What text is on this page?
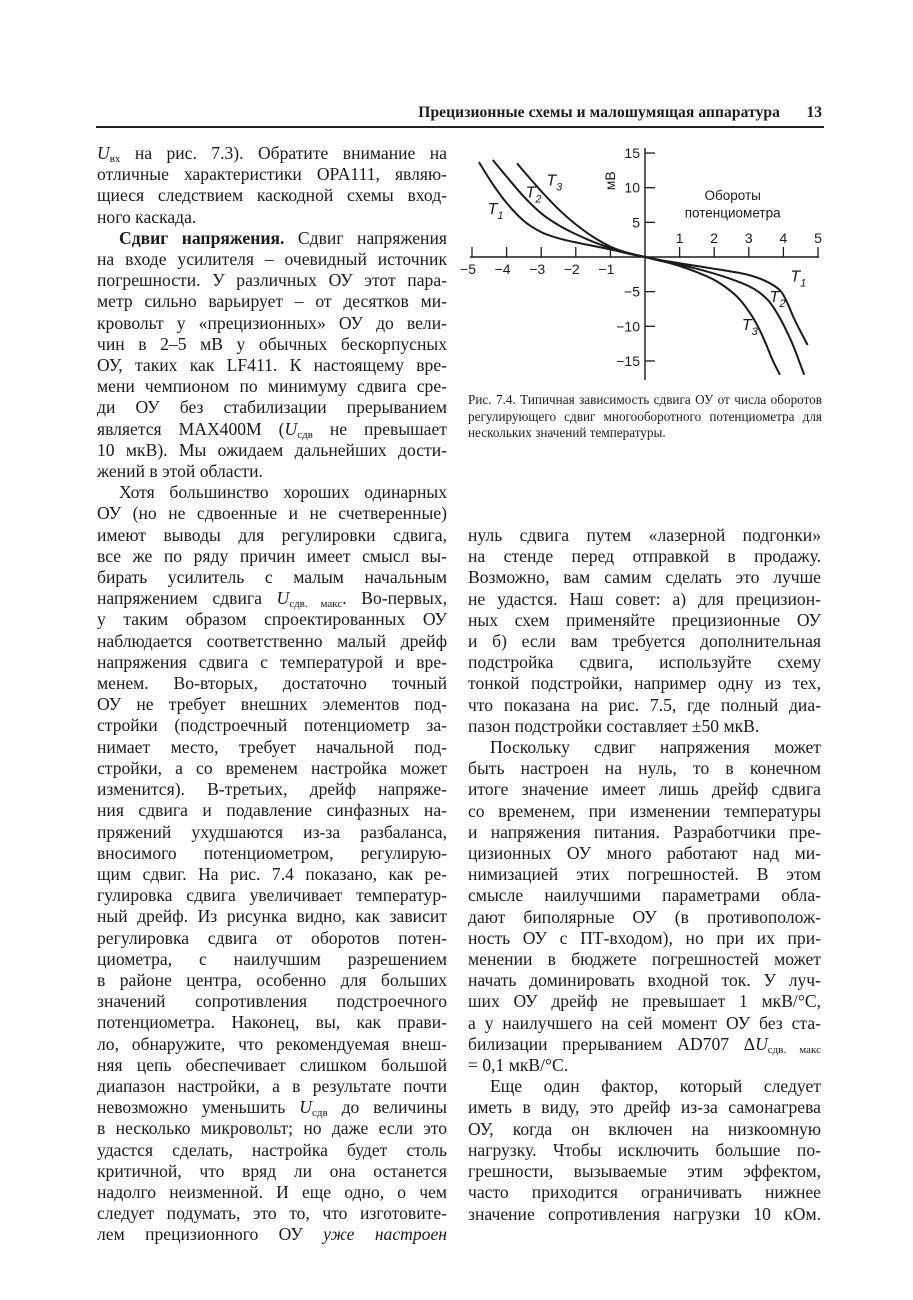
Прецизионные схемы и малошумящая аппаратура 13
$U_{вх}$ на рис. 7.3). Обратите внимание на
отличные характеристики OPA111, являю-
щиеся следствием каскодной схемы вход-
ного каскада.
Сдвиг напряжения. Сдвиг напряжения
на входе усилителя – очевидный источник
погрешности. У различных ОУ этот пара-
метр сильно варьирует – от десятков ми-
кровольт у «прецизионных» ОУ до вели-
чин в 2–5 мВ у обычных бескорпусных
ОУ, таких как LF411. К настоящему вре-
мени чемпионом по минимуму сдвига сре-
ди ОУ без стабилизации прерыванием
является MAX400M ($U_{сдв}$ не превышает
10 мкВ). Мы ожидаем дальнейших дости-
жений в этой области.
Хотя большинство хороших одинарных
ОУ (но не сдвоенные и не счетверенные)
имеют выводы для регулировки сдвига,
все же по ряду причин имеет смысл вы-
бирать усилитель с малым начальным
напряжением сдвига $U_{сдв. макс}$. Во-первых,
у таким образом спроектированных ОУ
наблюдается соответственно малый дрейф
напряжения сдвига с температурой и вре-
менем. Во-вторых, достаточно точный
ОУ не требует внешних элементов под-
стройки (подстроечный потенциометр за-
нимает место, требует начальной под-
стройки, а со временем настройка может
изменится). В-третьих, дрейф напряже-
ния сдвига и подавление синфазных на-
пряжений ухудшаются из-за разбаланса,
вносимого потенциометром, регулирую-
щим сдвиг. На рис. 7.4 показано, как ре-
гулировка сдвига увеличивает температур-
ный дрейф. Из рисунка видно, как зависит
регулировка сдвига от оборотов потен-
циометра, с наилучшим разрешением
в районе центра, особенно для больших
значений сопротивления подстроечного
потенциометра. Наконец, вы, как прави-
ло, обнаружите, что рекомендуемая внеш-
няя цепь обеспечивает слишком большой
диапазон настройки, а в результате почти
невозможно уменьшить $U_{сдв}$ до величины
в несколько микровольт; но даже если это
удастся сделать, настройка будет столь
критичной, что вряд ли она останется
надолго неизменной. И еще одно, о чем
следует подумать, это то, что изготовите-
лем прецизионного ОУ уже настроен
−5 −4 −3 −2 −1
1 2 3 4 5
15
10
5
−5
−10
−15
мВ
Обороты
потенциометра
$T_1$
$T_1$
$T_2$
$T_2$
$T_3$
$T_3$
Рис. 7.4. Типичная зависимость сдвига ОУ от числа оборотов регулирующего сдвиг многооборотного потенциометра для нескольких значений температуры.
нуль сдвига путем «лазерной подгонки»
на стенде перед отправкой в продажу.
Возможно, вам самим сделать это лучше
не удастся. Наш совет: а) для прецизион-
ных схем применяйте прецизионные ОУ
и б) если вам требуется дополнительная
подстройка сдвига, используйте схему
тонкой подстройки, например одну из тех,
что показана на рис. 7.5, где полный диа-
пазон подстройки составляет ±50 мкВ.
Поскольку сдвиг напряжения может
быть настроен на нуль, то в конечном
итоге значение имеет лишь дрейф сдвига
со временем, при изменении температуры
и напряжения питания. Разработчики пре-
цизионных ОУ много работают над ми-
нимизацией этих погрешностей. В этом
смысле наилучшими параметрами обла-
дают биполярные ОУ (в противополож-
ность ОУ с ПТ-входом), но при их при-
менении в бюджете погрешностей может
начать доминировать входной ток. У луч-
ших ОУ дрейф не превышает 1 мкВ/°С,
а у наилучшего на сей момент ОУ без ста-
билизации прерыванием AD707 $\Delta U_{сдв. макс}$
= 0,1 мкВ/°С.
Еще один фактор, который следует
иметь в виду, это дрейф из-за самонагрева
ОУ, когда он включен на низкоомную
нагрузку. Чтобы исключить большие по-
грешности, вызываемые этим эффектом,
часто приходится ограничивать нижнее
значение сопротивления нагрузки 10 кОм.
